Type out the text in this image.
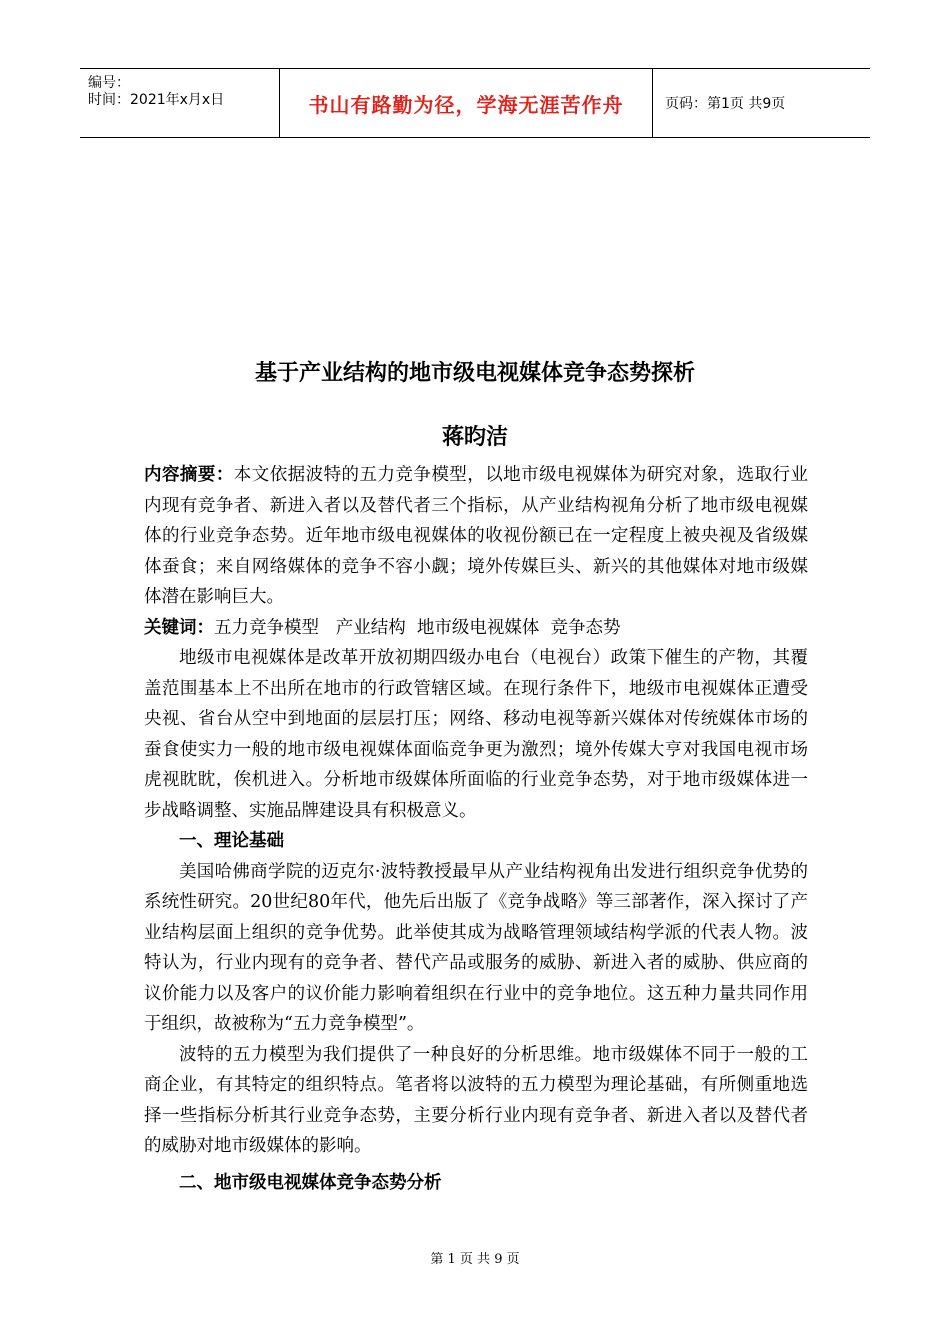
编号：
时间：2021年x月x日	书山有路勤为径，学海无涯苦作舟	页码：第1页 共9页
基于产业结构的地市级电视媒体竞争态势探析
蒋昀洁

内容摘要：本文依据波特的五力竞争模型，以地市级电视媒体为研究对象，选取行业内现有竞争者、新进入者以及替代者三个指标，从产业结构视角分析了地市级电视媒体的行业竞争态势。近年地市级电视媒体的收视份额已在一定程度上被央视及省级媒体蚕食；来自网络媒体的竞争不容小觑；境外传媒巨头、新兴的其他媒体对地市级媒体潜在影响巨大。

关键词：五力竞争模型   产业结构  地市级电视媒体  竞争态势

地级市电视媒体是改革开放初期四级办电台（电视台）政策下催生的产物，其覆盖范围基本上不出所在地市的行政管辖区域。在现行条件下，地级市电视媒体正遭受央视、省台从空中到地面的层层打压；网络、移动电视等新兴媒体对传统媒体市场的蚕食使实力一般的地市级电视媒体面临竞争更为激烈；境外传媒大亨对我国电视市场虎视眈眈，俟机进入。分析地市级媒体所面临的行业竞争态势，对于地市级媒体进一步战略调整、实施品牌建设具有积极意义。

一、理论基础

美国哈佛商学院的迈克尔·波特教授最早从产业结构视角出发进行组织竞争优势的系统性研究。20世纪80年代，他先后出版了《竞争战略》等三部著作，深入探讨了产业结构层面上组织的竞争优势。此举使其成为战略管理领域结构学派的代表人物。波特认为，行业内现有的竞争者、替代产品或服务的威胁、新进入者的威胁、供应商的议价能力以及客户的议价能力影响着组织在行业中的竞争地位。这五种力量共同作用于组织，故被称为“五力竞争模型”。

波特的五力模型为我们提供了一种良好的分析思维。地市级媒体不同于一般的工商企业，有其特定的组织特点。笔者将以波特的五力模型为理论基础，有所侧重地选择一些指标分析其行业竞争态势，主要分析行业内现有竞争者、新进入者以及替代者的威胁对地市级媒体的影响。

二、地市级电视媒体竞争态势分析

第 1 页 共 9 页
